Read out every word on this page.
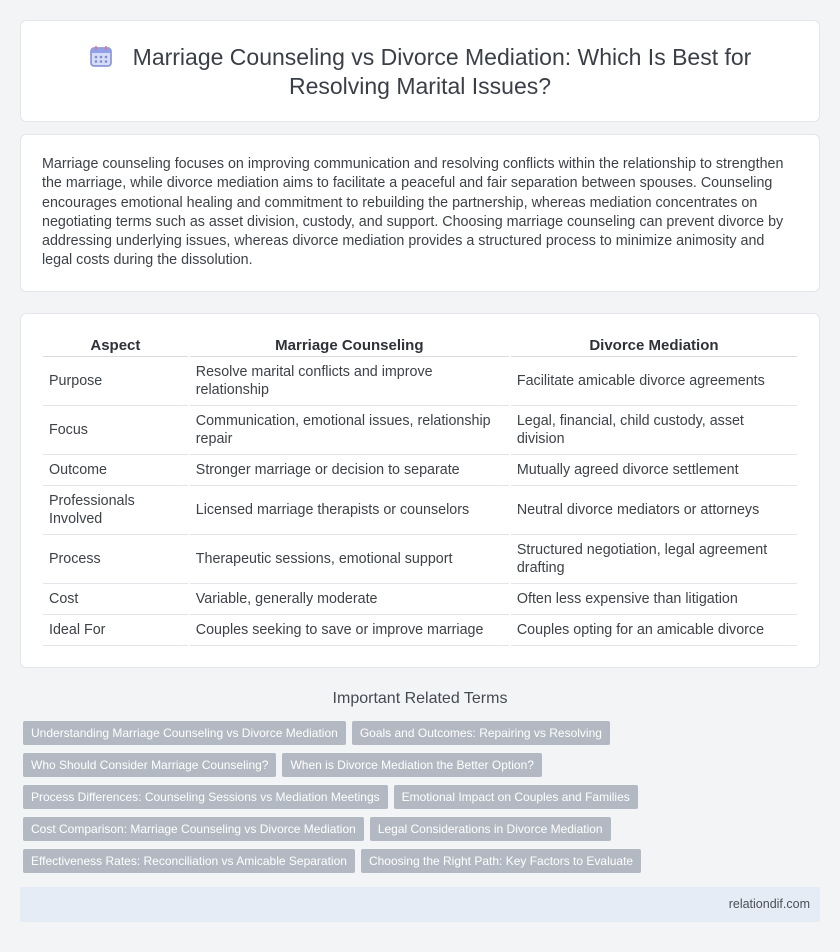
Marriage Counseling vs Divorce Mediation: Which Is Best for Resolving Marital Issues?

Marriage counseling focuses on improving communication and resolving conflicts within the relationship to strengthen the marriage, while divorce mediation aims to facilitate a peaceful and fair separation between spouses. Counseling encourages emotional healing and commitment to rebuilding the partnership, whereas mediation concentrates on negotiating terms such as asset division, custody, and support. Choosing marriage counseling can prevent divorce by addressing underlying issues, whereas divorce mediation provides a structured process to minimize animosity and legal costs during the dissolution.

Aspect	Marriage Counseling	Divorce Mediation
Purpose	Resolve marital conflicts and improve relationship	Facilitate amicable divorce agreements
Focus	Communication, emotional issues, relationship repair	Legal, financial, child custody, asset division
Outcome	Stronger marriage or decision to separate	Mutually agreed divorce settlement
Professionals Involved	Licensed marriage therapists or counselors	Neutral divorce mediators or attorneys
Process	Therapeutic sessions, emotional support	Structured negotiation, legal agreement drafting
Cost	Variable, generally moderate	Often less expensive than litigation
Ideal For	Couples seeking to save or improve marriage	Couples opting for an amicable divorce
Important Related Terms
Understanding Marriage Counseling vs Divorce Mediation Goals and Outcomes: Repairing vs Resolving
Who Should Consider Marriage Counseling? When is Divorce Mediation the Better Option?
Process Differences: Counseling Sessions vs Mediation Meetings Emotional Impact on Couples and Families
Cost Comparison: Marriage Counseling vs Divorce Mediation Legal Considerations in Divorce Mediation
Effectiveness Rates: Reconciliation vs Amicable Separation Choosing the Right Path: Key Factors to Evaluate
relationdif.com
